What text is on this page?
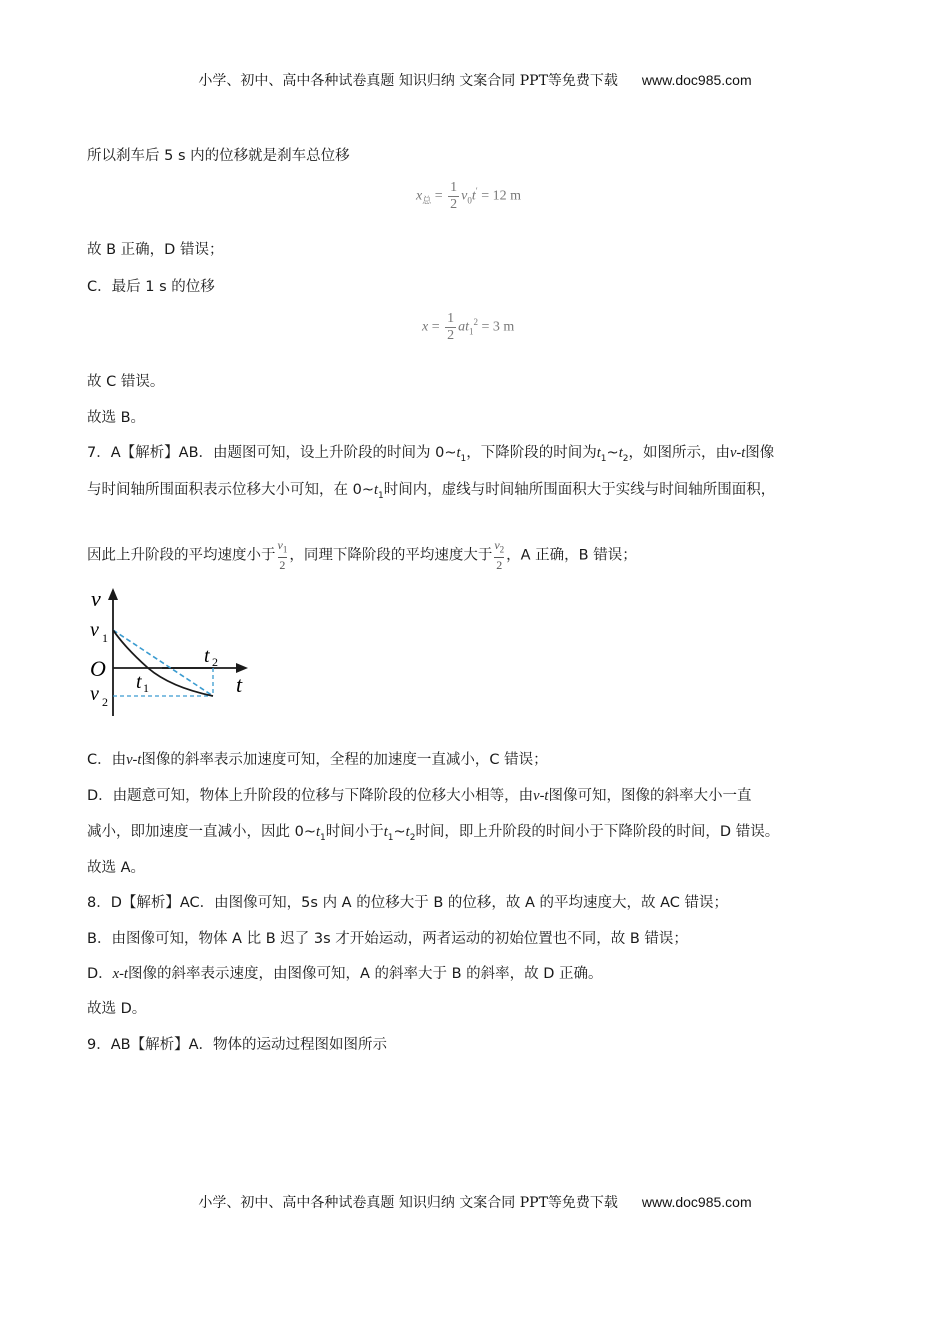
小学、初中、高中各种试卷真题 知识归纳 文案合同 PPT等免费下载 www.doc985.com
所以刹车后 5 s 内的位移就是刹车总位移
$x_总 = \frac{1}{2} v_0t' = 12$ m
故 B 正确，D 错误；
C．最后 1 s 的位移
$x = \frac{1}{2} at_1^2 = 3$ m
故 C 错误。
故选 B。
7．A【解析】AB．由题图可知，设上升阶段的时间为 $0\sim t_1$，下降阶段的时间为$t_1\sim t_2$，如图所示，由v-t图像
与时间轴所围面积表示位移大小可知，在 $0\sim t_1$时间内，虚线与时间轴所围面积大于实线与时间轴所围面积，
因此上升阶段的平均速度小于 $\frac{v_1}{2}$ ，同理下降阶段的平均速度大于 $\frac{v_2}{2}$ ，A 正确，B 错误；
v
v 1
O
v 2
t 1
t 2
t
C．由v-t图像的斜率表示加速度可知，全程的加速度一直减小，C 错误；
D．由题意可知，物体上升阶段的位移与下降阶段的位移大小相等，由v-t图像可知，图像的斜率大小一直
减小，即加速度一直减小，因此 $0\sim t_1$时间小于$t_1\sim t_2$时间，即上升阶段的时间小于下降阶段的时间，D 错误。
故选 A。
8．D【解析】AC．由图像可知，5s 内 A 的位移大于 B 的位移，故 A 的平均速度大，故 AC 错误；
B．由图像可知，物体 A 比 B 迟了 3s 才开始运动，两者运动的初始位置也不同，故 B 错误；
D．x-t图像的斜率表示速度，由图像可知，A 的斜率大于 B 的斜率，故 D 正确。
故选 D。
9．AB【解析】A．物体的运动过程图如图所示
小学、初中、高中各种试卷真题 知识归纳 文案合同 PPT等免费下载 www.doc985.com
